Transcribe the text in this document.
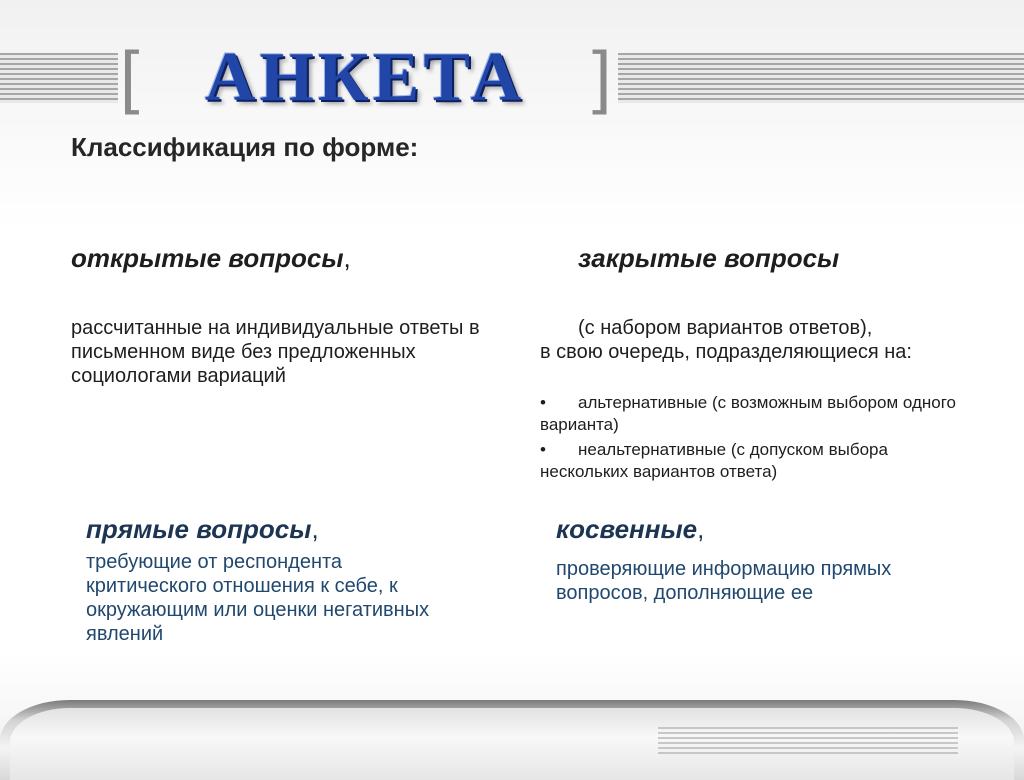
[	]
АНКЕТА
Классификация по форме:
открытые вопросы,
рассчитанные на индивидуальные ответы в письменном виде без предложенных социологами вариаций
закрытые вопросы
(с набором вариантов ответов),
в свою очередь, подразделяющиеся на:
• альтернативные (с возможным выбором одного варианта)
• неальтернативные (с допуском выбора нескольких вариантов ответа)
прямые вопросы,
требующие от респондента критического отношения к себе, к окружающим или оценки негативных явлений
косвенные,
проверяющие информацию прямых вопросов, дополняющие ее
